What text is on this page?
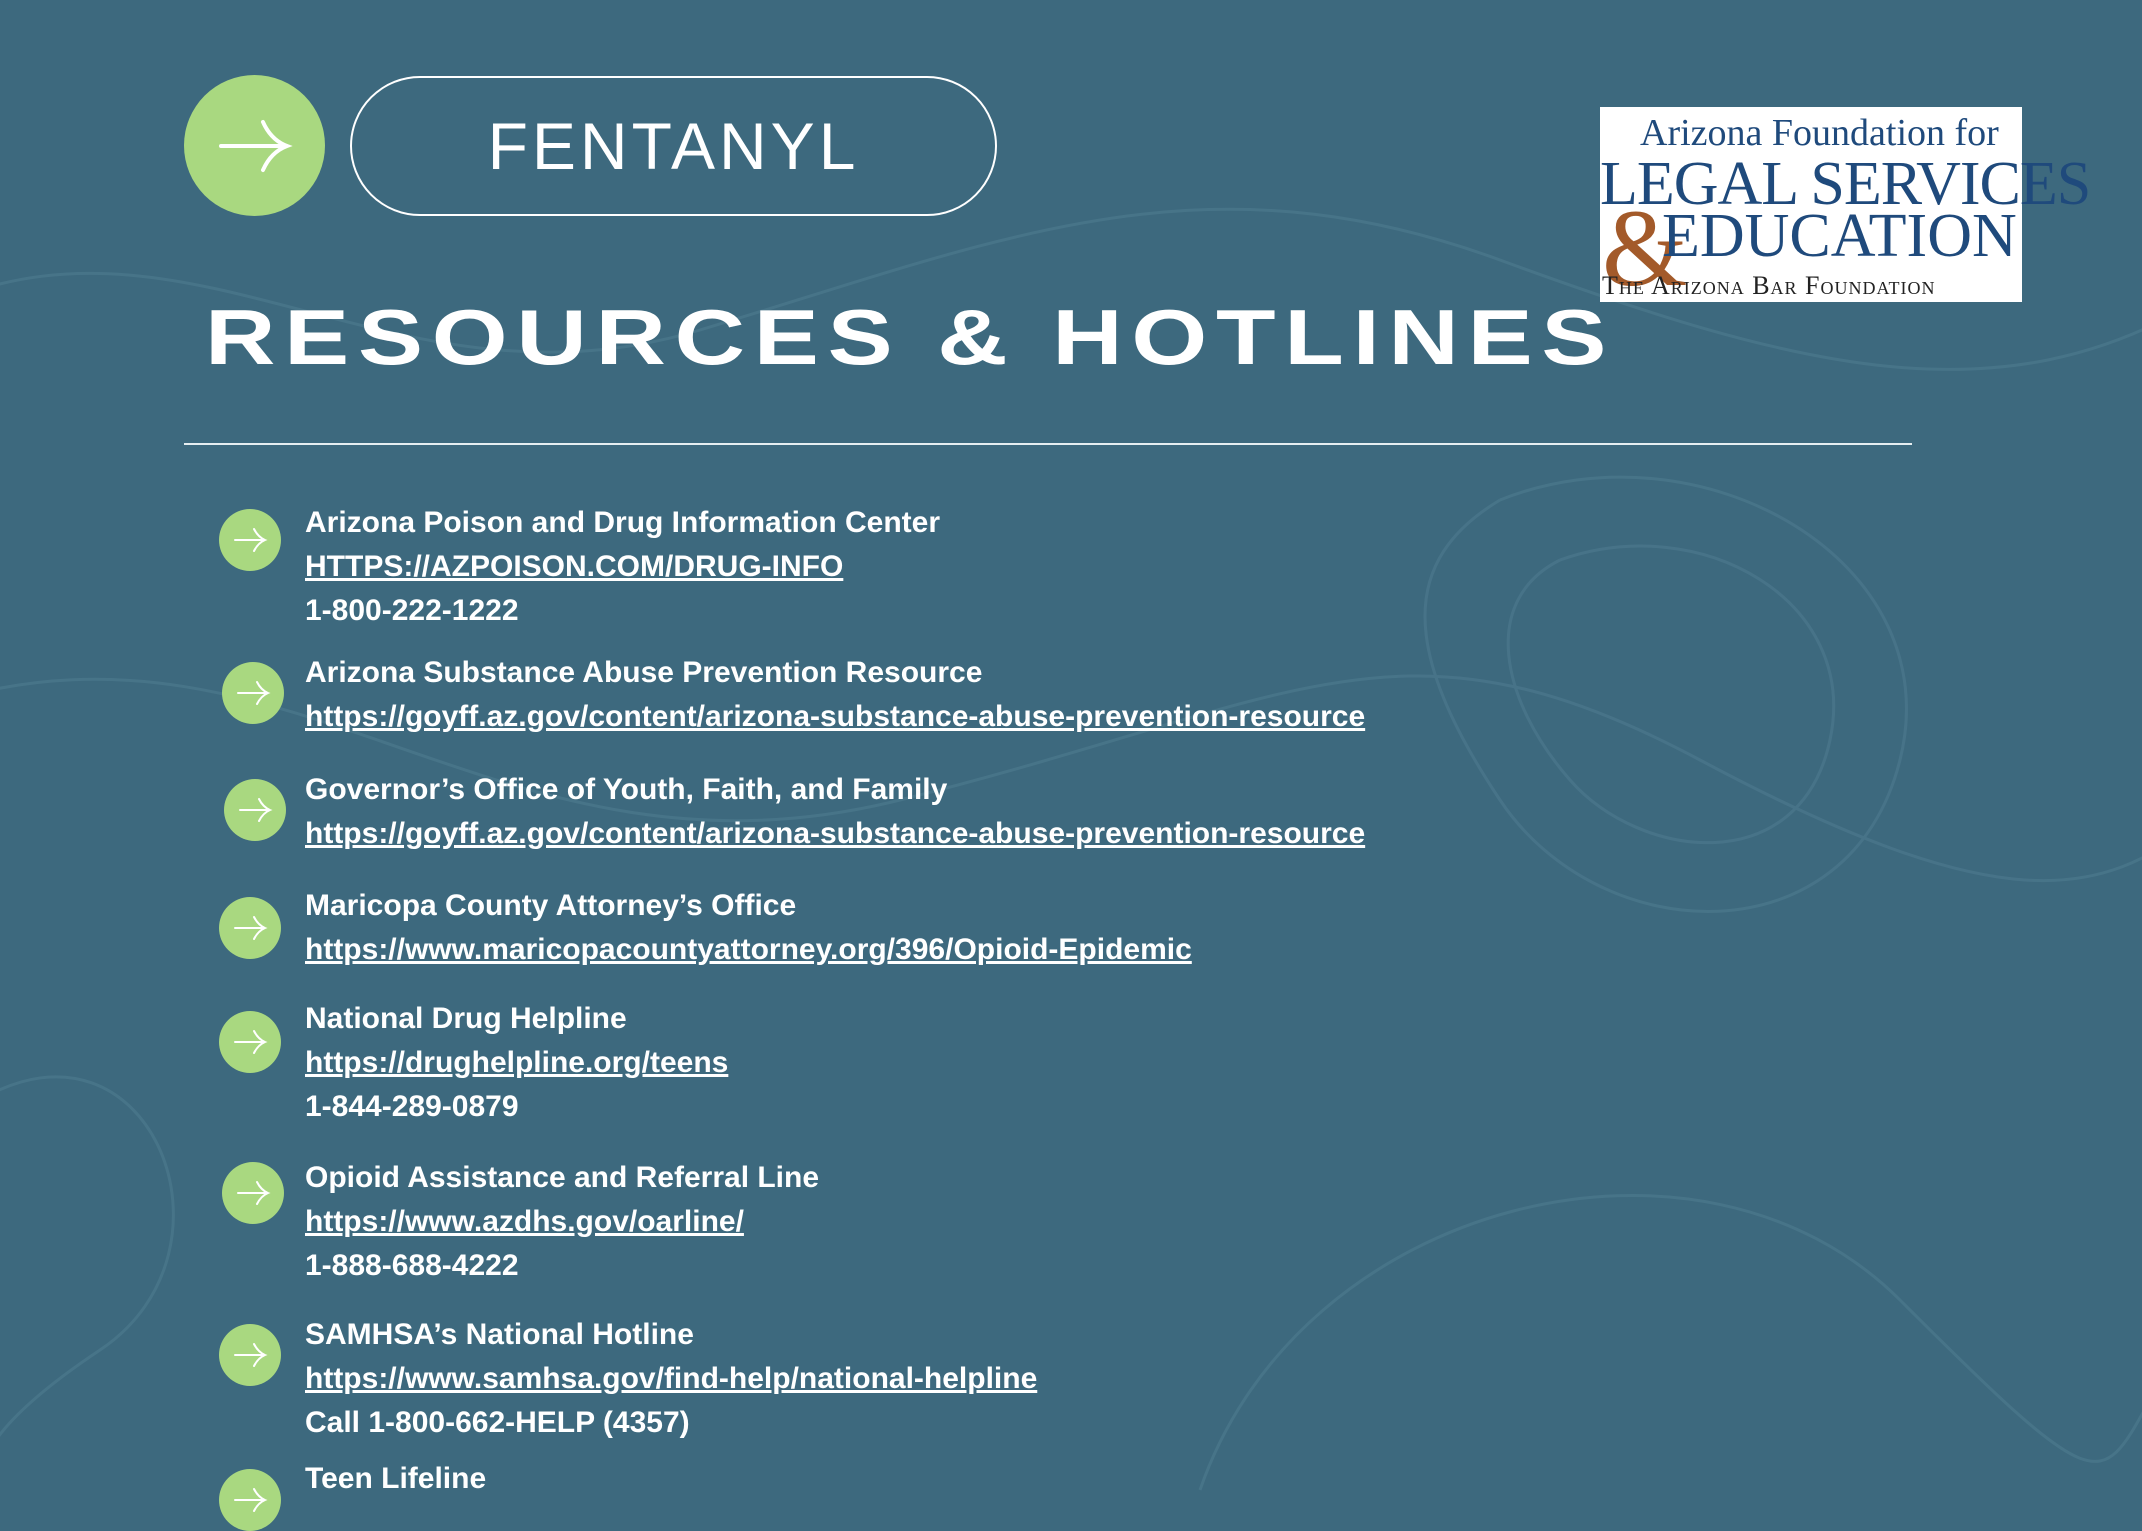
FENTANYL	Arizona Foundation for
LEGAL SERVICES
&
EDUCATION
The Arizona Bar Foundation
RESOURCES & HOTLINES
Arizona Poison and Drug Information Center
HTTPS://AZPOISON.COM/DRUG-INFO
1-800-222-1222
Arizona Substance Abuse Prevention Resource
https://goyff.az.gov/content/arizona-substance-abuse-prevention-resource
Governor’s Office of Youth, Faith, and Family
https://goyff.az.gov/content/arizona-substance-abuse-prevention-resource
Maricopa County Attorney’s Office
https://www.maricopacountyattorney.org/396/Opioid-Epidemic
National Drug Helpline
https://drughelpline.org/teens
1-844-289-0879
Opioid Assistance and Referral Line
https://www.azdhs.gov/oarline/
1-888-688-4222
SAMHSA’s National Hotline
https://www.samhsa.gov/find-help/national-helpline
Call 1-800-662-HELP (4357)
Teen Lifeline
